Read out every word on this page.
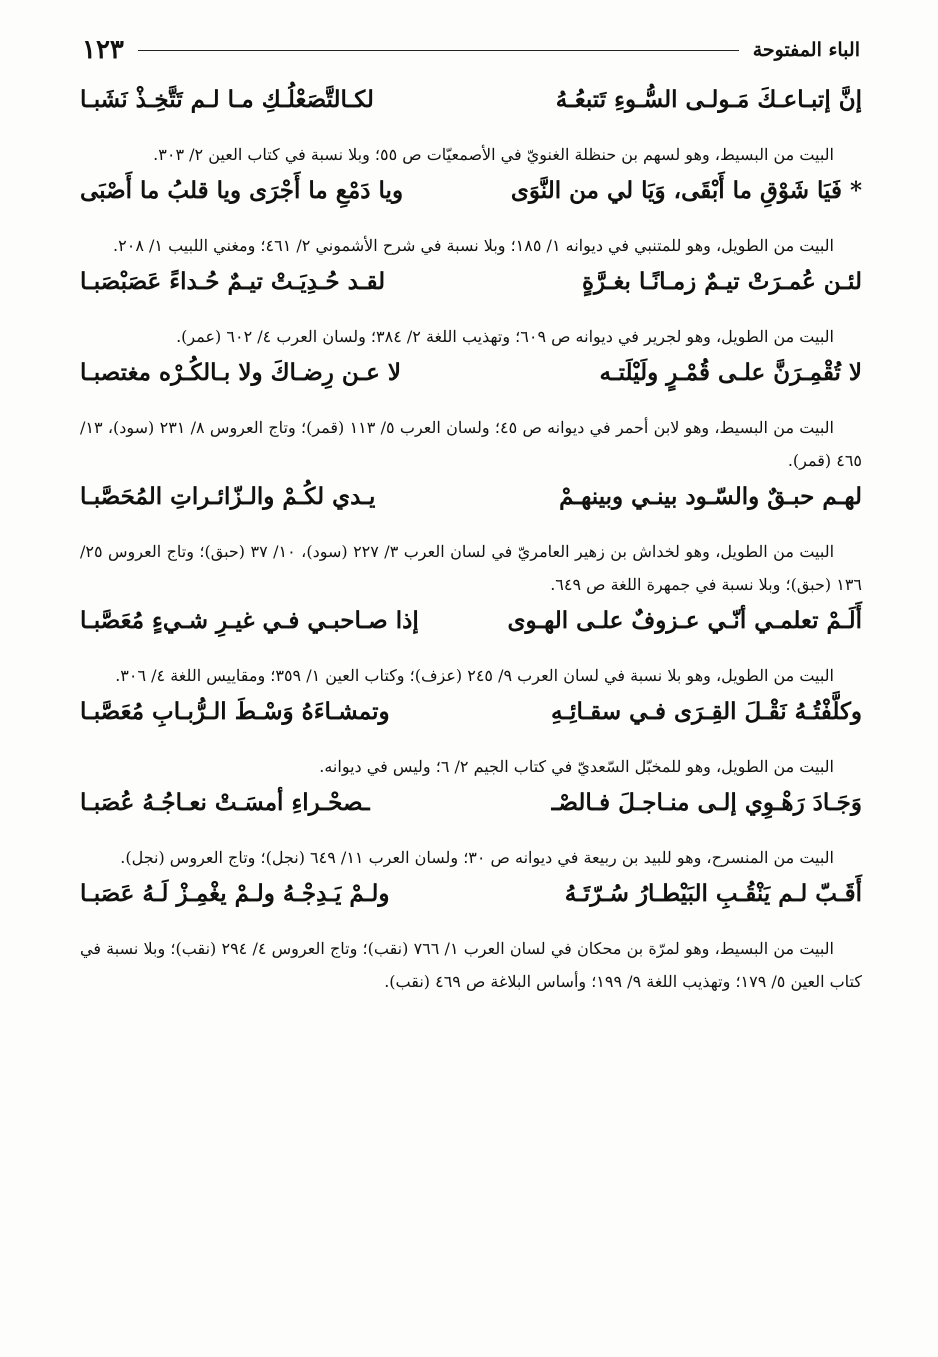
الباء المفتوحة
١٢٣
إنَّ إتبـاعـكَ مَـولـى السُّـوءِ تَتبعُـهُ
لكـالتَّصَعْلُـكِ مـا لـم تَتَّخِـذْ نَشَبـا
البيت من البسيط، وهو لسهم بن حنظلة الغنويّ في الأصمعيّات ص ٥٥؛ وبلا نسبة في كتاب العين ٢/ ٣٠٣.
* فَيَا شَوْقِ ما أَبْقَى، وَيَا لي من النَّوَى
ويا دَمْعِ ما أَجْرَى ويا قلبُ ما أَصْبَى
البيت من الطويل، وهو للمتنبي في ديوانه ١/ ١٨٥؛ وبلا نسبة في شرح الأشموني ٢/ ٤٦١؛ ومغني اللبيب ١/ ٢٠٨.
لئـن عُمـرَتْ تيـمٌ زمـانًـا بغـرَّةٍ
لقـد حُـدِيَـتْ تيـمٌ حُـداءً عَصَبْصَبـا
البيت من الطويل، وهو لجرير في ديوانه ص ٦٠٩؛ وتهذيب اللغة ٢/ ٣٨٤؛ ولسان العرب ٤/ ٦٠٢ (عمر).
لا تُقْمِـرَنَّ علـى قُمْـرٍ ولَيْلَتـه
لا عـن رِضـاكَ ولا بـالكُـرْه مغتصبـا
البيت من البسيط، وهو لابن أحمر في ديوانه ص ٤٥؛ ولسان العرب ٥/ ١١٣ (قمر)؛ وتاج العروس ٨/ ٢٣١ (سود)، ١٣/ ٤٦٥ (قمر).
لهـم حبـقٌ والسّـود بينـي وبينهـمْ
يـدي لكُـمْ والـزّائـراتِ المُحَصَّبـا
البيت من الطويل، وهو لخداش بن زهير العامريّ في لسان العرب ٣/ ٢٢٧ (سود)، ١٠/ ٣٧ (حبق)؛ وتاج العروس ٢٥/ ١٣٦ (حبق)؛ وبلا نسبة في جمهرة اللغة ص ٦٤٩.
أَلَـمْ تعلمـي أنّـي عـزوفٌ علـى الهـوى
إذا صـاحبـي فـي غيـرِ شـيءٍ مُعَصَّبـا
البيت من الطويل، وهو بلا نسبة في لسان العرب ٩/ ٢٤٥ (عزف)؛ وكتاب العين ١/ ٣٥٩؛ ومقاييس اللغة ٤/ ٣٠٦.
وكلَّفْتُـهُ نَقْـلَ القِـرَى فـي سقـائِـهِ
وتمشـاءَهُ وَسْـطَ الـرُّبـابِ مُعَصَّبـا
البيت من الطويل، وهو للمخبّل السّعديّ في كتاب الجيم ٢/ ٦؛ وليس في ديوانه.
وَجَـادَ رَهْـوِي إلـى منـاجـلَ فـالصْـ
ـصحْـراءِ أمسَـتْ نعـاجُـهُ عُصَبـا
البيت من المنسرح، وهو للبيد بن ربيعة في ديوانه ص ٣٠؛ ولسان العرب ١١/ ٦٤٩ (نجل)؛ وتاج العروس (نجل).
أَقَـبّ لـم يَنْقُـبِ البَيْطـارُ سُـرّتَـهُ
ولـمْ يَـدِجْـهُ ولـمْ يغْمِـزْ لَـهُ عَصَبـا
البيت من البسيط، وهو لمرّة بن محكان في لسان العرب ١/ ٧٦٦ (نقب)؛ وتاج العروس ٤/ ٢٩٤ (نقب)؛ وبلا نسبة في كتاب العين ٥/ ١٧٩؛ وتهذيب اللغة ٩/ ١٩٩؛ وأساس البلاغة ص ٤٦٩ (نقب).
